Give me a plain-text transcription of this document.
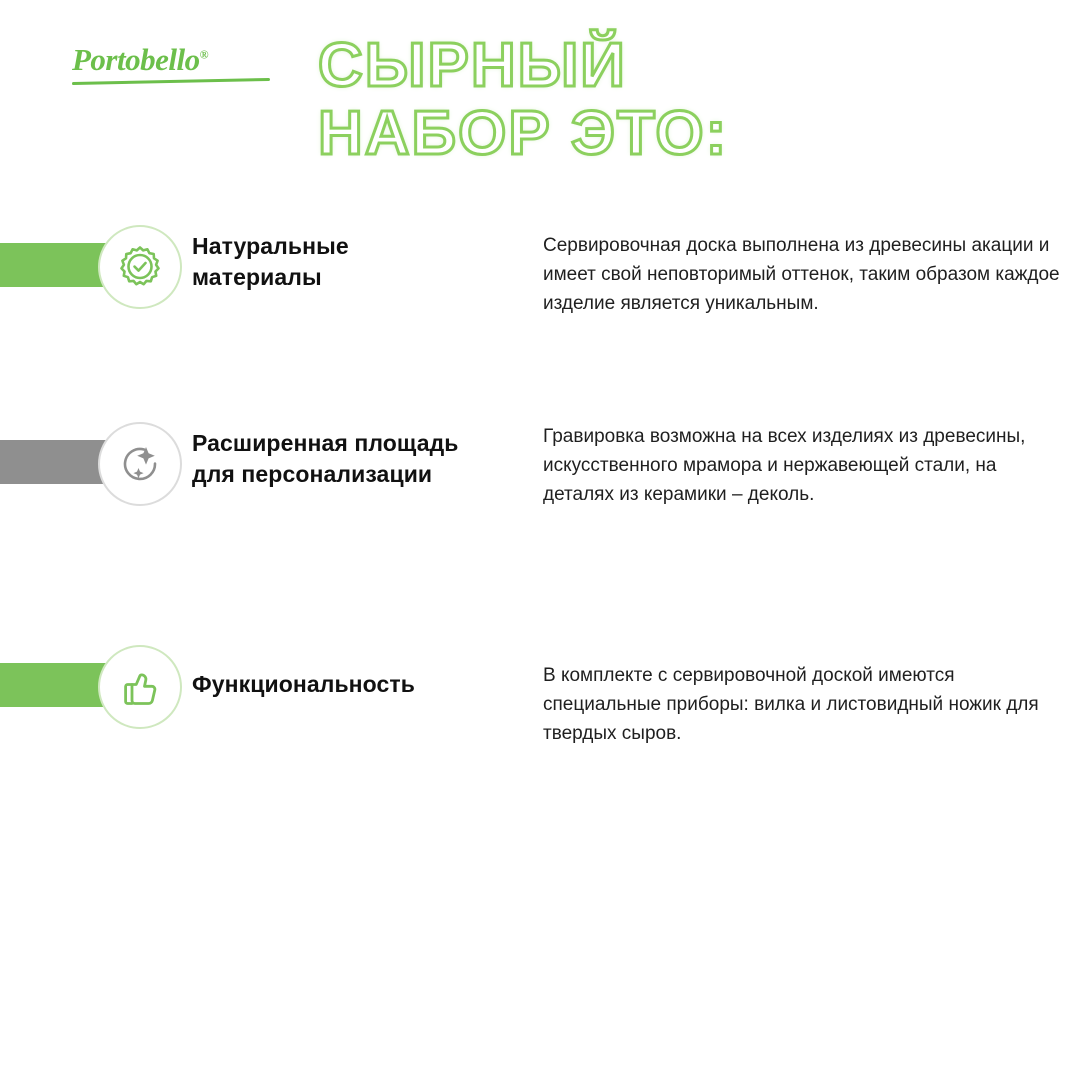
Portobello®	СЫРНЫЙ
НАБОР ЭТО:
Натуральные
материалы
Сервировочная доска выполнена из древесины акации и имеет свой неповторимый оттенок, таким образом каждое изделие является уникальным.
Расширенная площадь
для персонализации
Гравировка возможна на всех изделиях из древесины, искусственного мрамора и нержавеющей стали, на деталях из керамики – деколь.
Функциональность	В комплекте с сервировочной доской имеются специальные приборы: вилка и листовидный ножик для твердых сыров.
